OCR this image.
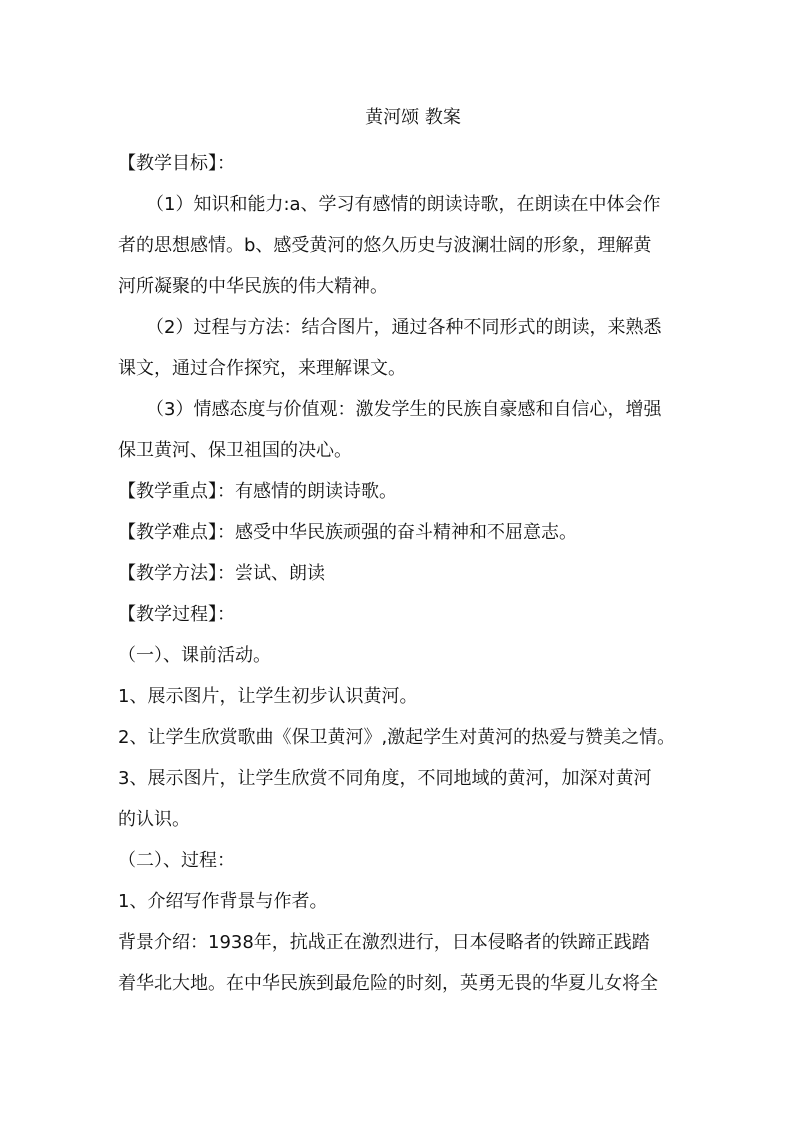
黄河颂 教案
【教学目标】：
（1）知识和能力:a、学习有感情的朗读诗歌，在朗读在中体会作
者的思想感情。b、感受黄河的悠久历史与波澜壮阔的形象，理解黄
河所凝聚的中华民族的伟大精神。
（2）过程与方法：结合图片，通过各种不同形式的朗读，来熟悉
课文，通过合作探究，来理解课文。
（3）情感态度与价值观：激发学生的民族自豪感和自信心，增强
保卫黄河、保卫祖国的决心。
【教学重点】：有感情的朗读诗歌。
【教学难点】：感受中华民族顽强的奋斗精神和不屈意志。
【教学方法】：尝试、朗读
【教学过程】：
（一）、课前活动。
1、展示图片，让学生初步认识黄河。
2、让学生欣赏歌曲《保卫黄河》,激起学生对黄河的热爱与赞美之情。
3、展示图片，让学生欣赏不同角度，不同地域的黄河，加深对黄河
的认识。
（二）、过程：
1、介绍写作背景与作者。
背景介绍：1938年，抗战正在激烈进行，日本侵略者的铁蹄正践踏
着华北大地。在中华民族到最危险的时刻，英勇无畏的华夏儿女将全
